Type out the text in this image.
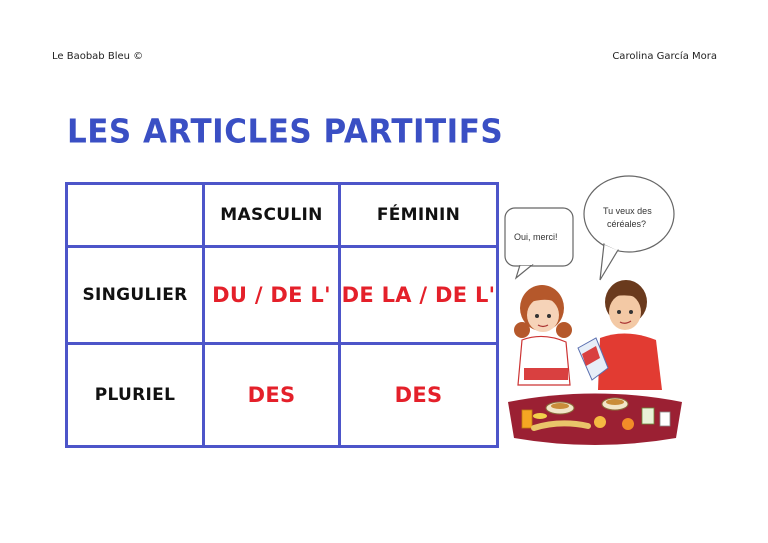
Le Baobab Bleu ©	Carolina García Mora
LES ARTICLES PARTITIFS
	MASCULIN	FÉMININ
SINGULIER	DU / DE L'	DE LA / DE L'
PLURIEL	DES	DES
Oui, merci!
Tu veux des
céréales?
